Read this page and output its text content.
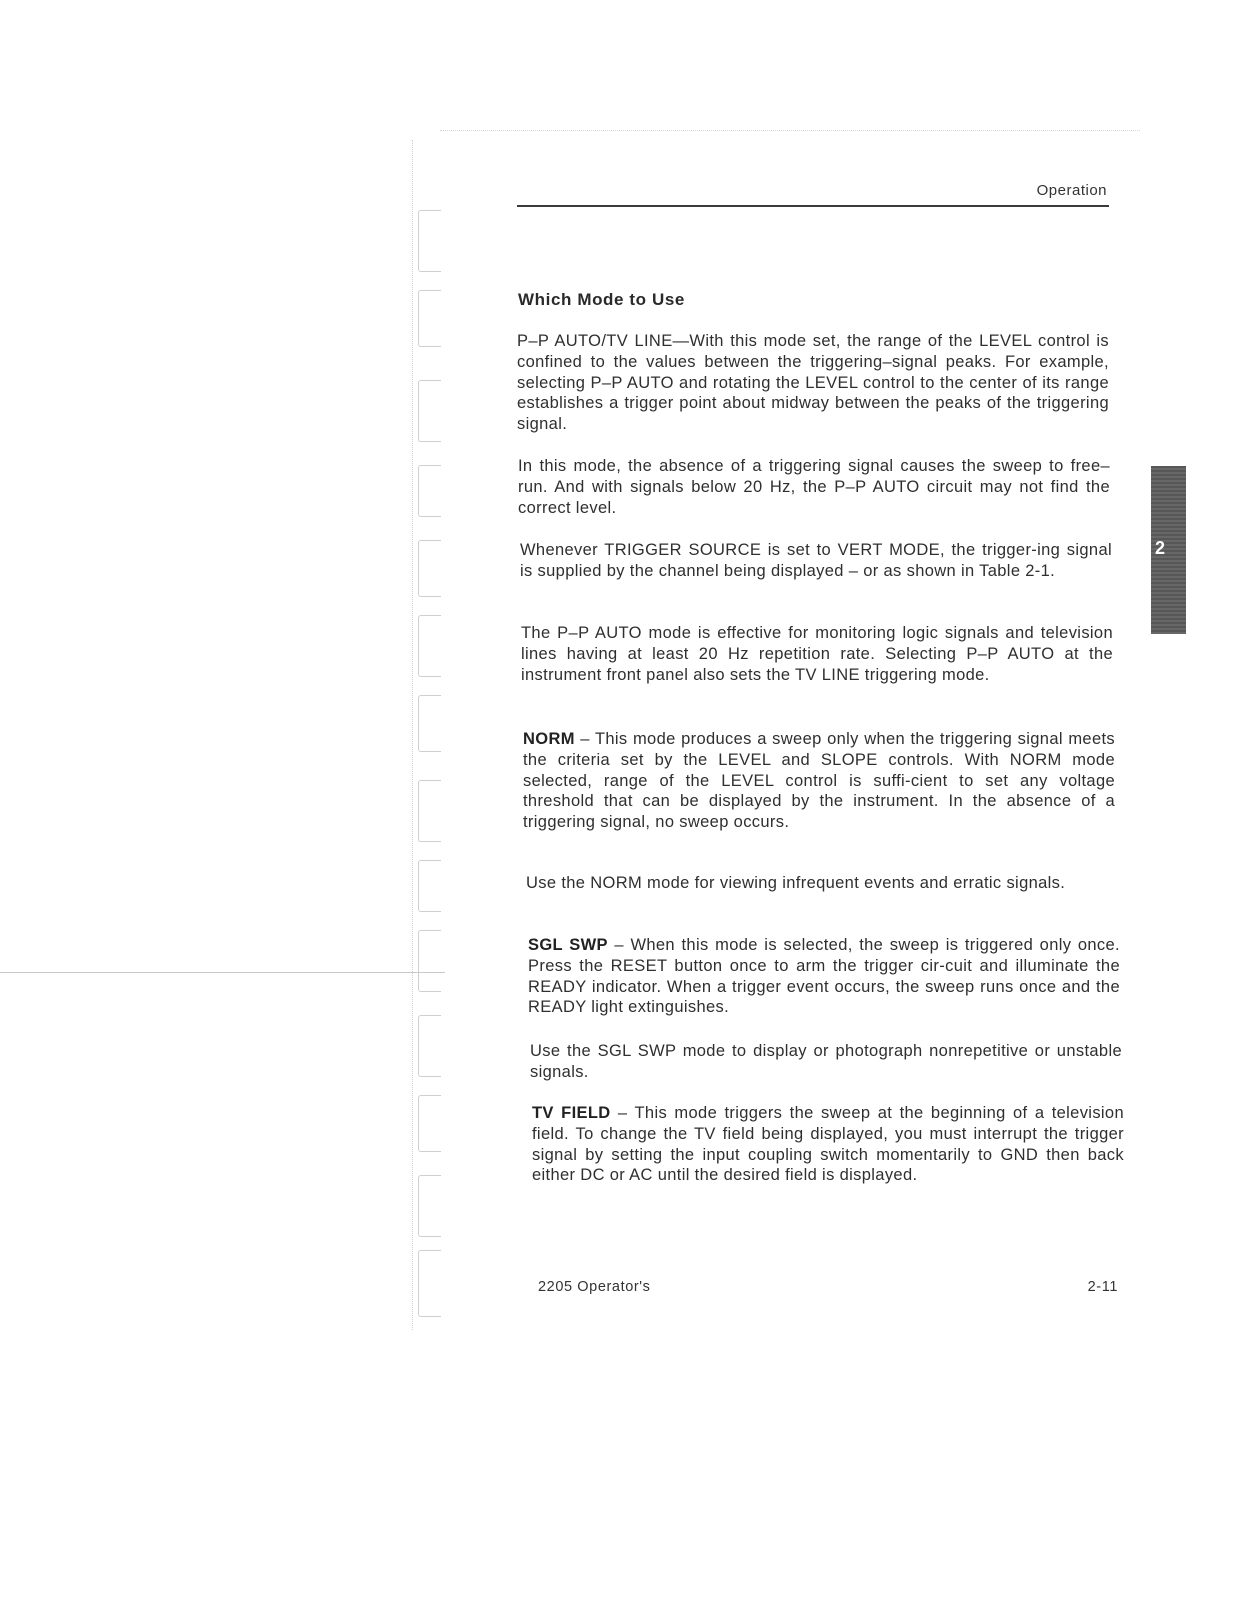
Operation
Which Mode to Use
P–P AUTO/TV LINE—With this mode set, the range of the LEVEL control is confined to the values between the triggering–signal peaks. For example, selecting P–P AUTO and rotating the LEVEL control to the center of its range establishes a trigger point about midway between the peaks of the triggering signal.
In this mode, the absence of a triggering signal causes the sweep to free–run. And with signals below 20 Hz, the P–P AUTO circuit may not find the correct level.
Whenever TRIGGER SOURCE is set to VERT MODE, the trigger-ing signal is supplied by the channel being displayed – or as shown in Table 2-1.
The P–P AUTO mode is effective for monitoring logic signals and television lines having at least 20 Hz repetition rate. Selecting P–P AUTO at the instrument front panel also sets the TV LINE triggering mode.
NORM – This mode produces a sweep only when the triggering signal meets the criteria set by the LEVEL and SLOPE controls. With NORM mode selected, range of the LEVEL control is suffi-cient to set any voltage threshold that can be displayed by the instrument. In the absence of a triggering signal, no sweep occurs.
Use the NORM mode for viewing infrequent events and erratic signals.
SGL SWP – When this mode is selected, the sweep is triggered only once. Press the RESET button once to arm the trigger cir-cuit and illuminate the READY indicator. When a trigger event occurs, the sweep runs once and the READY light extinguishes.
Use the SGL SWP mode to display or photograph nonrepetitive or unstable signals.
TV FIELD – This mode triggers the sweep at the beginning of a television field. To change the TV field being displayed, you must interrupt the trigger signal by setting the input coupling switch momentarily to GND then back either DC or AC until the desired field is displayed.
2
2205 Operator's	2-11
